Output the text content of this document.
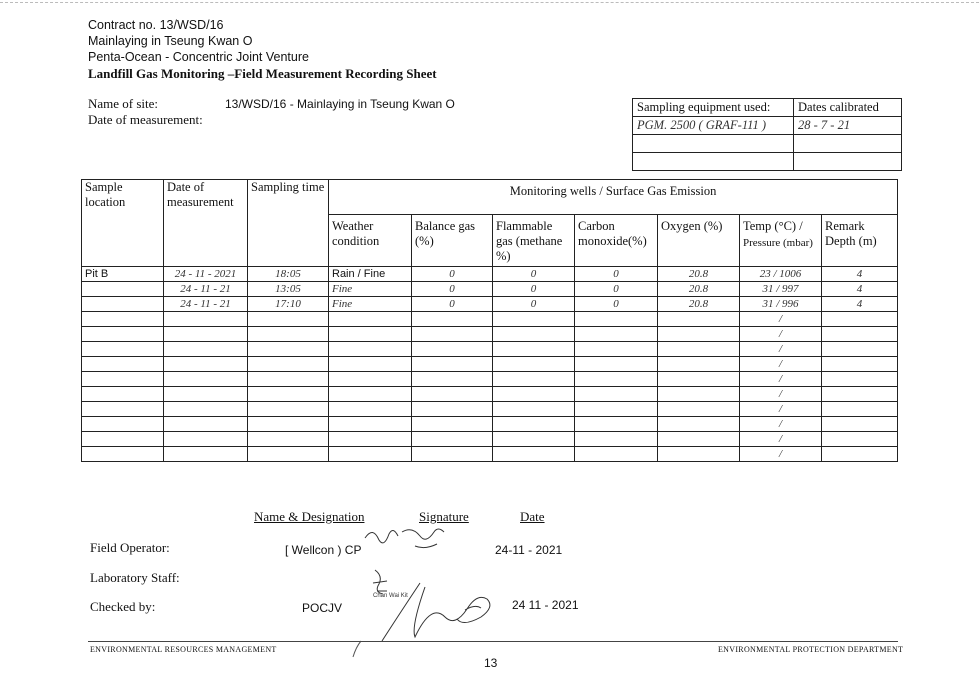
Contract no. 13/WSD/16
Mainlaying in Tseung Kwan O
Penta-Ocean - Concentric Joint Venture
Landfill Gas Monitoring –Field Measurement Recording Sheet
Name of site:	13/WSD/16 - Mainlaying in Tseung Kwan O
Date of measurement:
Sampling equipment used:	Dates calibrated
PGM. 2500 ( GRAF-111 )	28 - 7 - 21

Sample location	Date of measurement	Sampling time	Monitoring wells / Surface Gas Emission						
			Weather condition	Balance gas (%)	Flammable gas (methane %)	Carbon monoxide(%)	Oxygen (%)	Temp (°C) /
Pressure (mbar)	Remark Depth (m)
Pit B	24 - 11 - 2021	18:05	Rain / Fine	0	0	0	20.8	23 / 1006	4
	24 - 11 - 21	13:05	Fine	0	0	0	20.8	31 / 997	4
	24 - 11 - 21	17:10	Fine	0	0	0	20.8	31 / 996	4
								/	
								/	
								/	
								/	
								/	
								/	
								/	
								/	
								/	
								/	
Name & Designation	Signature	Date
Field Operator:	[ Wellcon ) CP	24-11 - 2021
Laboratory Staff:
Checked by:	POCJV	24 11 - 2021
Chan Wai Kit
ENVIRONMENTAL RESOURCES MANAGEMENT	ENVIRONMENTAL PROTECTION DEPARTMENT
13
